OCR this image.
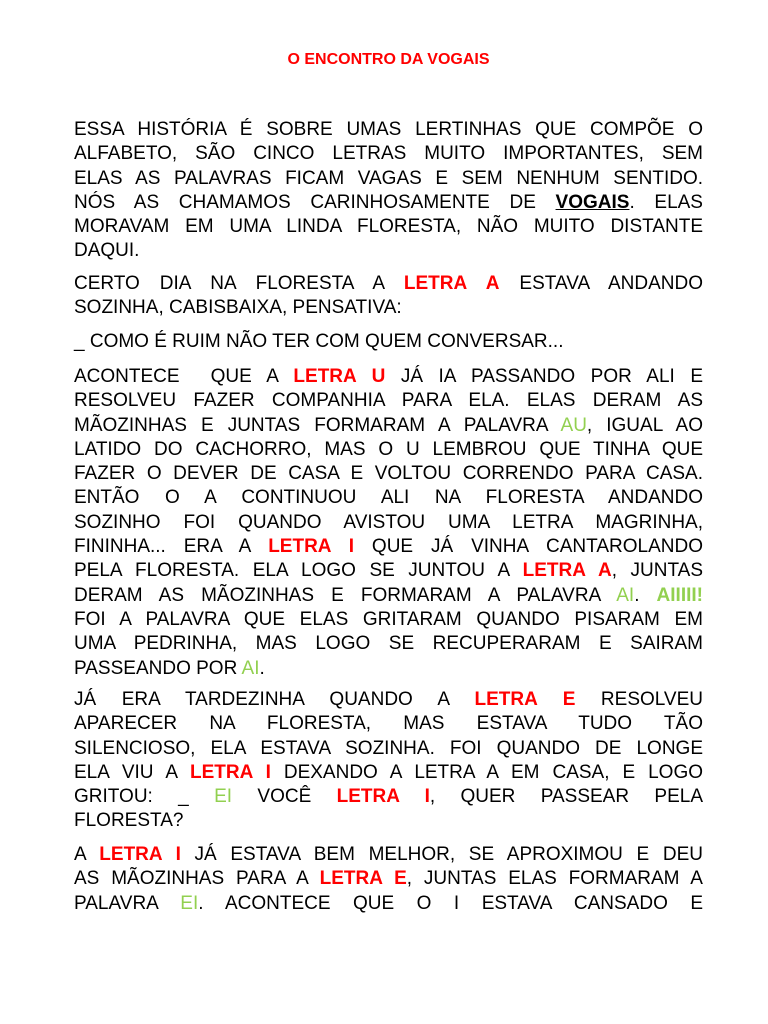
O ENCONTRO DA VOGAIS
ESSA HISTÓRIA É SOBRE UMAS LERTINHAS QUE COMPÕE O
ALFABETO, SÃO CINCO LETRAS MUITO IMPORTANTES, SEM
ELAS AS PALAVRAS FICAM VAGAS E SEM NENHUM SENTIDO.
NÓS AS CHAMAMOS CARINHOSAMENTE DE VOGAIS. ELAS
MORAVAM EM UMA LINDA FLORESTA, NÃO MUITO DISTANTE
DAQUI.
CERTO DIA NA FLORESTA A LETRA A ESTAVA ANDANDO
SOZINHA, CABISBAIXA, PENSATIVA:
_ COMO É RUIM NÃO TER COM QUEM CONVERSAR...
ACONTECE  QUE A LETRA U JÁ IA PASSANDO POR ALI E
RESOLVEU FAZER COMPANHIA PARA ELA. ELAS DERAM AS
MÃOZINHAS E JUNTAS FORMARAM A PALAVRA AU, IGUAL AO
LATIDO DO CACHORRO, MAS O U LEMBROU QUE TINHA QUE
FAZER O DEVER DE CASA E VOLTOU CORRENDO PARA CASA.
ENTÃO O A CONTINUOU ALI NA FLORESTA ANDANDO
SOZINHO FOI QUANDO AVISTOU UMA LETRA MAGRINHA,
FININHA... ERA A LETRA I QUE JÁ VINHA CANTAROLANDO
PELA FLORESTA. ELA LOGO SE JUNTOU A LETRA A, JUNTAS
DERAM AS MÃOZINHAS E FORMARAM A PALAVRA AI. AIIIII!
FOI A PALAVRA QUE ELAS GRITARAM QUANDO PISARAM EM
UMA PEDRINHA, MAS LOGO SE RECUPERARAM E SAIRAM
PASSEANDO POR AI.
JÁ ERA TARDEZINHA QUANDO A LETRA E RESOLVEU
APARECER NA FLORESTA, MAS ESTAVA TUDO TÃO
SILENCIOSO, ELA ESTAVA SOZINHA. FOI QUANDO DE LONGE
ELA VIU A LETRA I DEXANDO A LETRA A EM CASA, E LOGO
GRITOU: _ EI VOCÊ LETRA I, QUER PASSEAR PELA
FLORESTA?
A LETRA I JÁ ESTAVA BEM MELHOR, SE APROXIMOU E DEU
AS MÃOZINHAS PARA A LETRA E, JUNTAS ELAS FORMARAM A
PALAVRA EI. ACONTECE QUE O I ESTAVA CANSADO E
